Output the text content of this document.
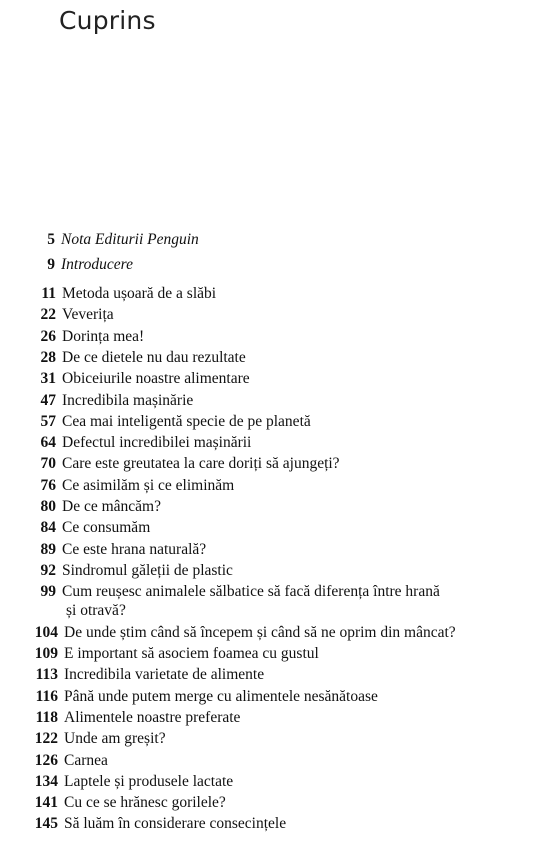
Cuprins
5 Nota Editurii Penguin
9 Introducere
11 Metoda ușoară de a slăbi
22 Veverița
26 Dorința mea!
28 De ce dietele nu dau rezultate
31 Obiceiurile noastre alimentare
47 Incredibila mașinărie
57 Cea mai inteligentă specie de pe planetă
64 Defectul incredibilei mașinării
70 Care este greutatea la care doriți să ajungeți?
76 Ce asimilăm și ce eliminăm
80 De ce mâncăm?
84 Ce consumăm
89 Ce este hrana naturală?
92 Sindromul găleții de plastic
99 Cum reușesc animalele sălbatice să facă diferența între hrană
și otravă?
104 De unde știm când să începem și când să ne oprim din mâncat?
109 E important să asociem foamea cu gustul
113 Incredibila varietate de alimente
116 Până unde putem merge cu alimentele nesănătoase
118 Alimentele noastre preferate
122 Unde am greșit?
126 Carnea
134 Laptele și produsele lactate
141 Cu ce se hrănesc gorilele?
145 Să luăm în considerare consecințele
